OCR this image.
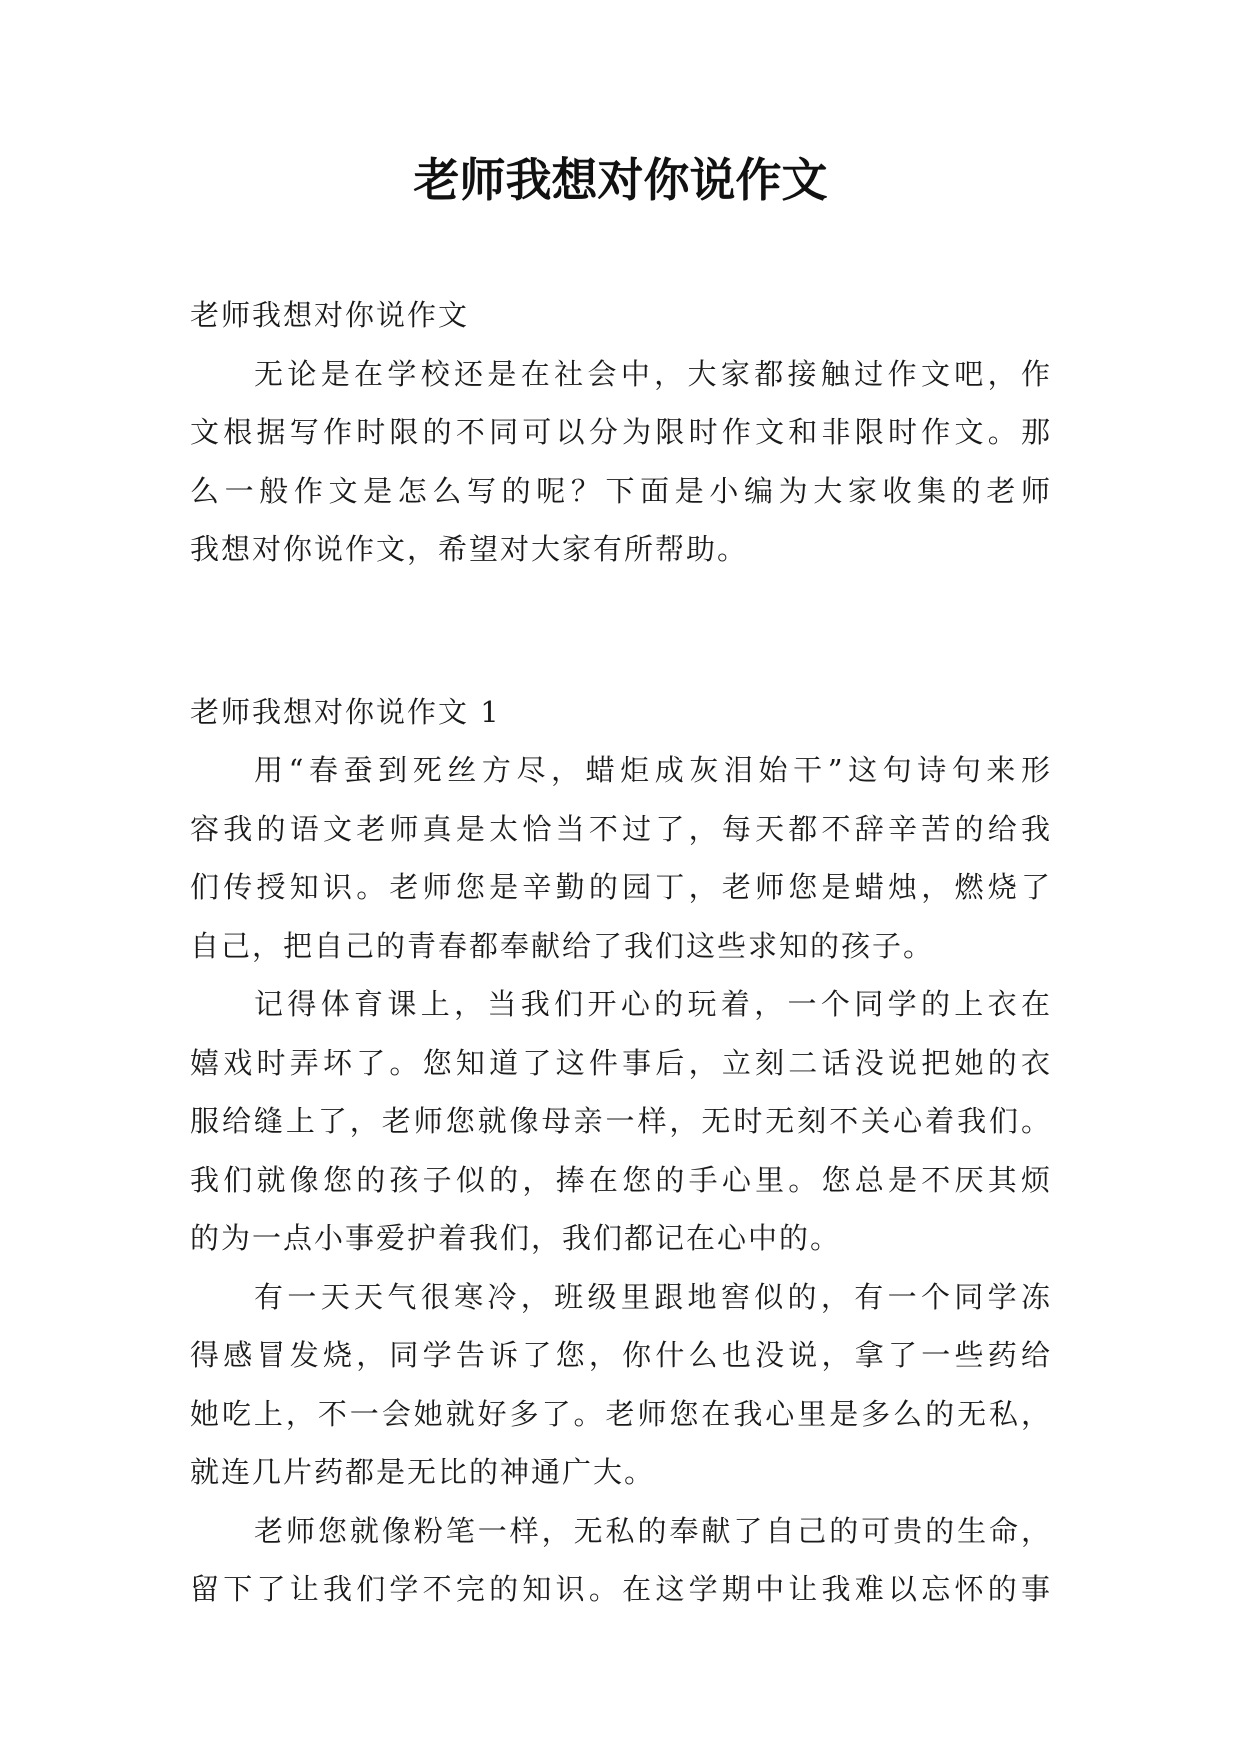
老师我想对你说作文
老师我想对你说作文
无论是在学校还是在社会中，大家都接触过作文吧，作
文根据写作时限的不同可以分为限时作文和非限时作文。那
么一般作文是怎么写的呢？下面是小编为大家收集的老师
我想对你说作文，希望对大家有所帮助。
老师我想对你说作文 1
用“春蚕到死丝方尽，蜡炬成灰泪始干”这句诗句来形
容我的语文老师真是太恰当不过了，每天都不辞辛苦的给我
们传授知识。老师您是辛勤的园丁，老师您是蜡烛，燃烧了
自己，把自己的青春都奉献给了我们这些求知的孩子。
记得体育课上，当我们开心的玩着，一个同学的上衣在
嬉戏时弄坏了。您知道了这件事后，立刻二话没说把她的衣
服给缝上了，老师您就像母亲一样，无时无刻不关心着我们。
我们就像您的孩子似的，捧在您的手心里。您总是不厌其烦
的为一点小事爱护着我们，我们都记在心中的。
有一天天气很寒冷，班级里跟地窖似的，有一个同学冻
得感冒发烧，同学告诉了您，你什么也没说，拿了一些药给
她吃上，不一会她就好多了。老师您在我心里是多么的无私，
就连几片药都是无比的神通广大。
老师您就像粉笔一样，无私的奉献了自己的可贵的生命，
留下了让我们学不完的知识。在这学期中让我难以忘怀的事
